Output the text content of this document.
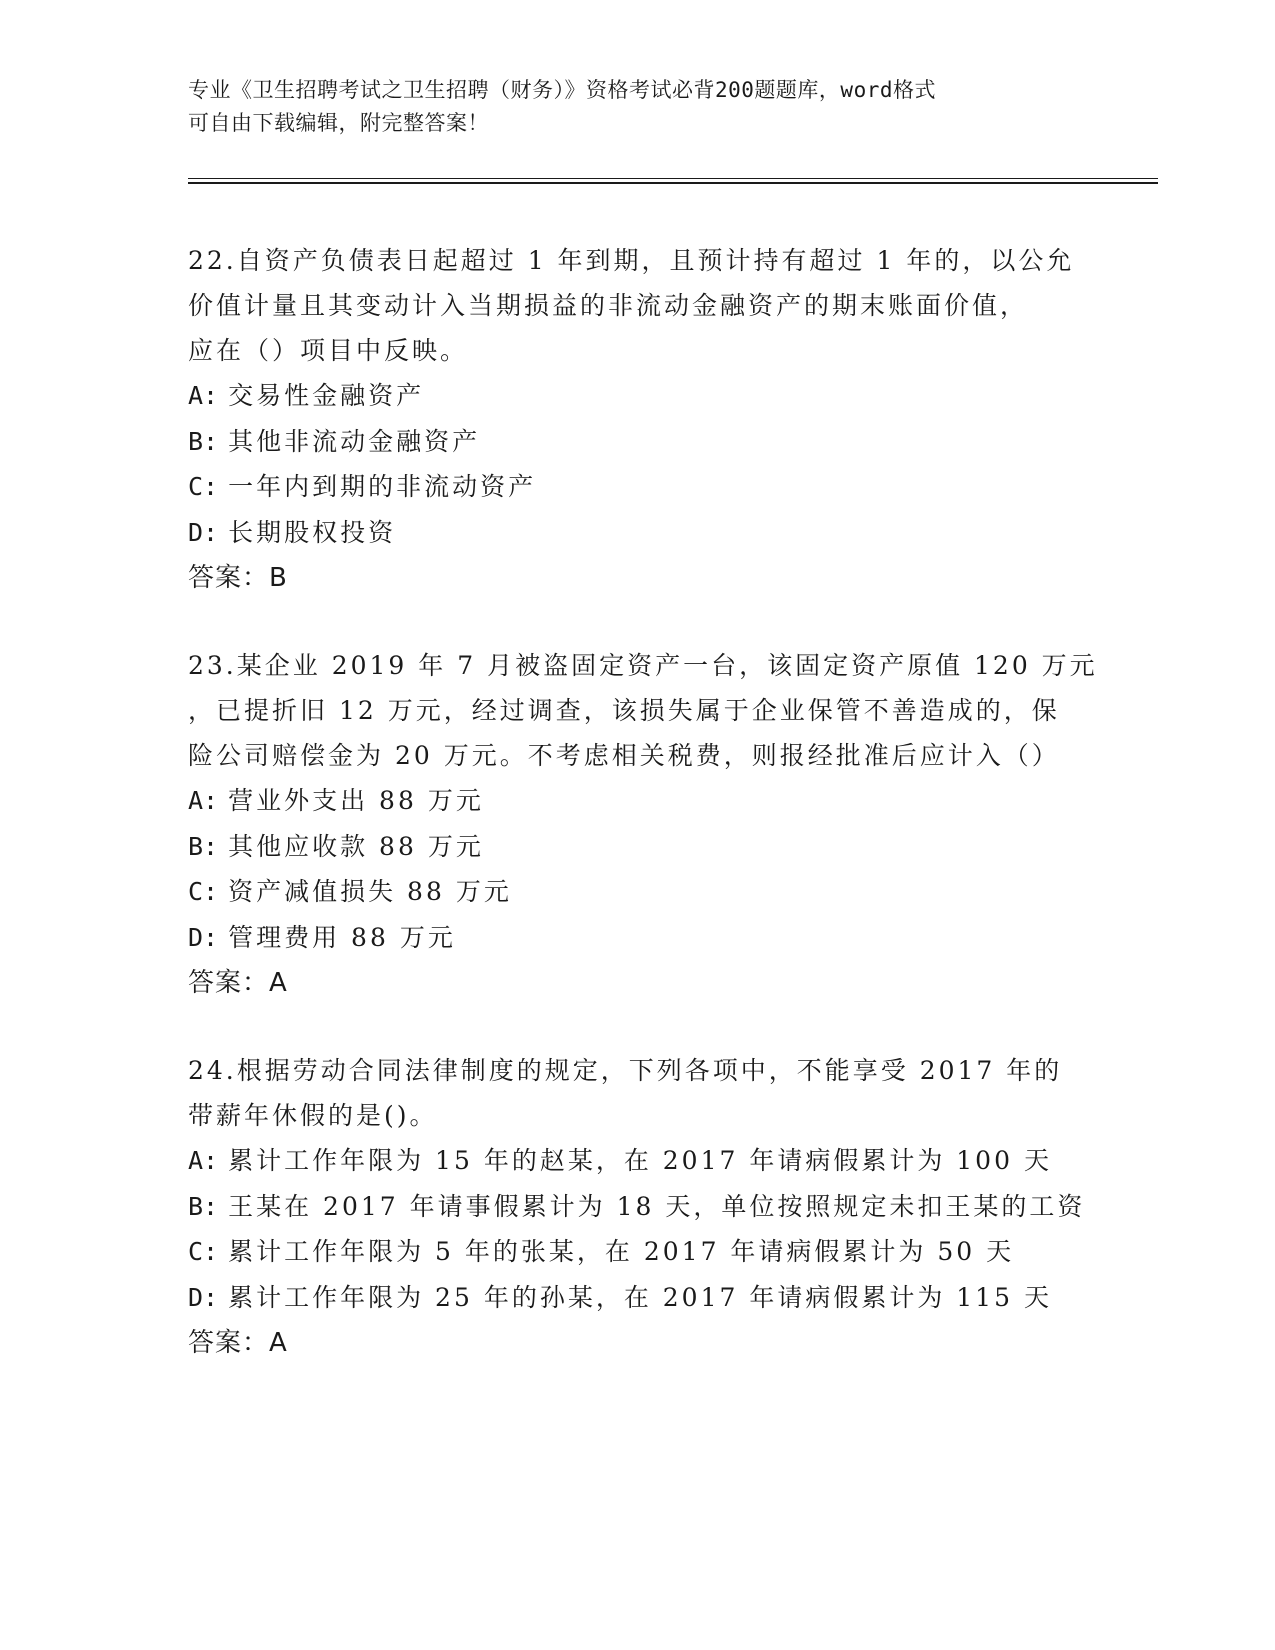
专业《卫生招聘考试之卫生招聘（财务）》资格考试必背200题题库，word格式
可自由下载编辑，附完整答案！
22.自资产负债表日起超过 1 年到期，且预计持有超过 1 年的，以公允
价值计量且其变动计入当期损益的非流动金融资产的期末账面价值，
应在（）项目中反映。
A: 交易性金融资产
B: 其他非流动金融资产
C: 一年内到期的非流动资产
D: 长期股权投资
答案：B
23.某企业 2019 年 7 月被盗固定资产一台，该固定资产原值 120 万元
，已提折旧 12 万元，经过调查，该损失属于企业保管不善造成的，保
险公司赔偿金为 20 万元。不考虑相关税费，则报经批准后应计入（）
A: 营业外支出 88 万元
B: 其他应收款 88 万元
C: 资产减值损失 88 万元
D: 管理费用 88 万元
答案：A
24.根据劳动合同法律制度的规定，下列各项中，不能享受 2017 年的
带薪年休假的是()。
A: 累计工作年限为 15 年的赵某，在 2017 年请病假累计为 100 天
B: 王某在 2017 年请事假累计为 18 天，单位按照规定未扣王某的工资
C: 累计工作年限为 5 年的张某，在 2017 年请病假累计为 50 天
D: 累计工作年限为 25 年的孙某，在 2017 年请病假累计为 115 天
答案：A
